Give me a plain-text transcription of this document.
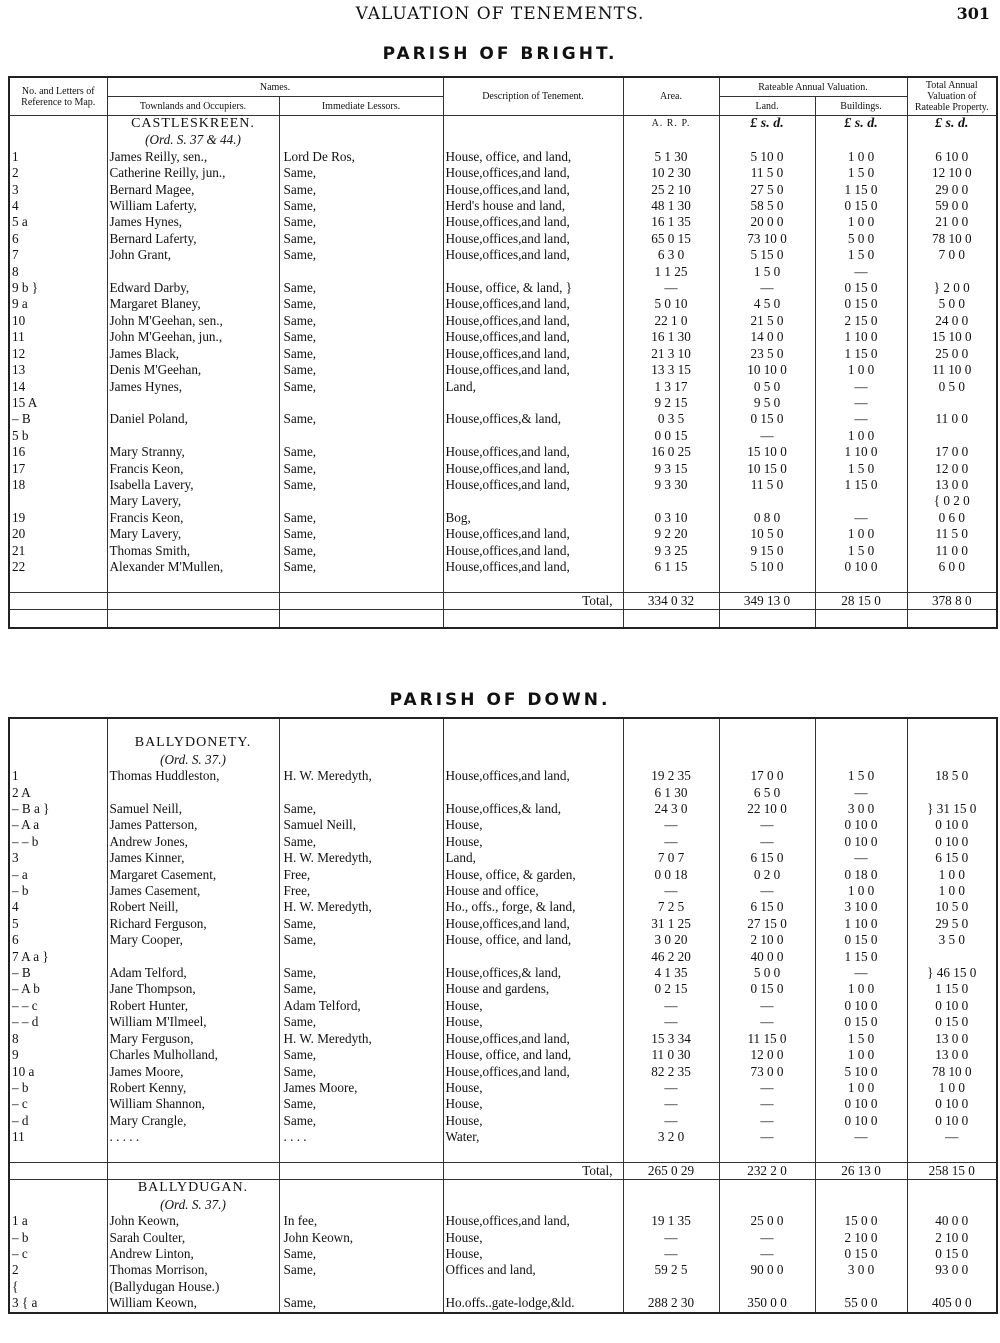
VALUATION OF TENEMENTS.	301
PARISH OF BRIGHT.
No. and Letters of Reference to Map.	Names.		Description of Tenement.	Area.	Rateable Annual Valuation.		Total Annual Valuation of Rateable Property.
	Townlands and Occupiers.	Immediate Lessors.			Land.	Buildings.	
	CASTLESKREEN.			A. R. P.	£ s. d.	£ s. d.	£ s. d.
	(Ord. S. 37 & 44.)						
1	James Reilly, sen.,	Lord De Ros,	House, office, and land,	5 1 30	5 10 0	1 0 0	6 10 0
2	Catherine Reilly, jun.,	Same,	House,offices,and land,	10 2 30	11 5 0	1 5 0	12 10 0
3	Bernard Magee,	Same,	House,offices,and land,	25 2 10	27 5 0	1 15 0	29 0 0
4	William Laferty,	Same,	Herd's house and land,	48 1 30	58 5 0	0 15 0	59 0 0
5 a	James Hynes,	Same,	House,offices,and land,	16 1 35	20 0 0	1 0 0	21 0 0
6	Bernard Laferty,	Same,	House,offices,and land,	65 0 15	73 10 0	5 0 0	78 10 0
7	John Grant,	Same,	House,offices,and land,	6 3 0	5 15 0	1 5 0	7 0 0
8				1 1 25	1 5 0	—	
9 b }	Edward Darby,	Same,	House, office, & land, }	—	—	0 15 0	} 2 0 0
9 a	Margaret Blaney,	Same,	House,offices,and land,	5 0 10	4 5 0	0 15 0	5 0 0
10	John M'Geehan, sen.,	Same,	House,offices,and land,	22 1 0	21 5 0	2 15 0	24 0 0
11	John M'Geehan, jun.,	Same,	House,offices,and land,	16 1 30	14 0 0	1 10 0	15 10 0
12	James Black,	Same,	House,offices,and land,	21 3 10	23 5 0	1 15 0	25 0 0
13	Denis M'Geehan,	Same,	House,offices,and land,	13 3 15	10 10 0	1 0 0	11 10 0
14	James Hynes,	Same,	Land,	1 3 17	0 5 0	—	0 5 0
15 A				9 2 15	9 5 0	—	
– B	Daniel Poland,	Same,	House,offices,& land,	0 3 5	0 15 0	—	11 0 0
5 b				0 0 15	—	1 0 0	
16	Mary Stranny,	Same,	House,offices,and land,	16 0 25	15 10 0	1 10 0	17 0 0
17	Francis Keon,	Same,	House,offices,and land,	9 3 15	10 15 0	1 5 0	12 0 0
18	Isabella Lavery,	Same,	House,offices,and land,	9 3 30	11 5 0	1 15 0	13 0 0
	Mary Lavery,						{ 0 2 0
19	Francis Keon,	Same,	Bog,	0 3 10	0 8 0	—	0 6 0
20	Mary Lavery,	Same,	House,offices,and land,	9 2 20	10 5 0	1 0 0	11 5 0
21	Thomas Smith,	Same,	House,offices,and land,	9 3 25	9 15 0	1 5 0	11 0 0
22	Alexander M'Mullen,	Same,	House,offices,and land,	6 1 15	5 10 0	0 10 0	6 0 0

			Total,	334 0 32	349 13 0	28 15 0	378 8 0

PARISH OF DOWN.

	BALLYDONETY.						
	(Ord. S. 37.)						
1	Thomas Huddleston,	H. W. Meredyth,	House,offices,and land,	19 2 35	17 0 0	1 5 0	18 5 0
2 A				6 1 30	6 5 0	—	
– B a }	Samuel Neill,	Same,	House,offices,& land,	24 3 0	22 10 0	3 0 0	} 31 15 0
– A a	James Patterson,	Samuel Neill,	House,	—	—	0 10 0	0 10 0
– – b	Andrew Jones,	Same,	House,	—	—	0 10 0	0 10 0
3	James Kinner,	H. W. Meredyth,	Land,	7 0 7	6 15 0	—	6 15 0
– a	Margaret Casement,	Free,	House, office, & garden,	0 0 18	0 2 0	0 18 0	1 0 0
– b	James Casement,	Free,	House and office,	—	—	1 0 0	1 0 0
4	Robert Neill,	H. W. Meredyth,	Ho., offs., forge, & land,	7 2 5	6 15 0	3 10 0	10 5 0
5	Richard Ferguson,	Same,	House,offices,and land,	31 1 25	27 15 0	1 10 0	29 5 0
6	Mary Cooper,	Same,	House, office, and land,	3 0 20	2 10 0	0 15 0	3 5 0
7 A a }				46 2 20	40 0 0	1 15 0	
– B	Adam Telford,	Same,	House,offices,& land,	4 1 35	5 0 0	—	} 46 15 0
– A b	Jane Thompson,	Same,	House and gardens,	0 2 15	0 15 0	1 0 0	1 15 0
– – c	Robert Hunter,	Adam Telford,	House,	—	—	0 10 0	0 10 0
– – d	William M'Ilmeel,	Same,	House,	—	—	0 15 0	0 15 0
8	Mary Ferguson,	H. W. Meredyth,	House,offices,and land,	15 3 34	11 15 0	1 5 0	13 0 0
9	Charles Mulholland,	Same,	House, office, and land,	11 0 30	12 0 0	1 0 0	13 0 0
10 a	James Moore,	Same,	House,offices,and land,	82 2 35	73 0 0	5 10 0	78 10 0
– b	Robert Kenny,	James Moore,	House,	—	—	1 0 0	1 0 0
– c	William Shannon,	Same,	House,	—	—	0 10 0	0 10 0
– d	Mary Crangle,	Same,	House,	—	—	0 10 0	0 10 0
11	. . . . .	. . . .	Water,	3 2 0	—	—	—

			Total,	265 0 29	232 2 0	26 13 0	258 15 0
	BALLYDUGAN.						
	(Ord. S. 37.)						
1 a	John Keown,	In fee,	House,offices,and land,	19 1 35	25 0 0	15 0 0	40 0 0
– b	Sarah Coulter,	John Keown,	House,	—	—	2 10 0	2 10 0
– c	Andrew Linton,	Same,	House,	—	—	0 15 0	0 15 0
2	Thomas Morrison,	Same,	Offices and land,	59 2 5	90 0 0	3 0 0	93 0 0
{	(Ballydugan House.)						
3 { a	William Keown,	Same,	Ho.offs..gate-lodge,&ld.	288 2 30	350 0 0	55 0 0	405 0 0
